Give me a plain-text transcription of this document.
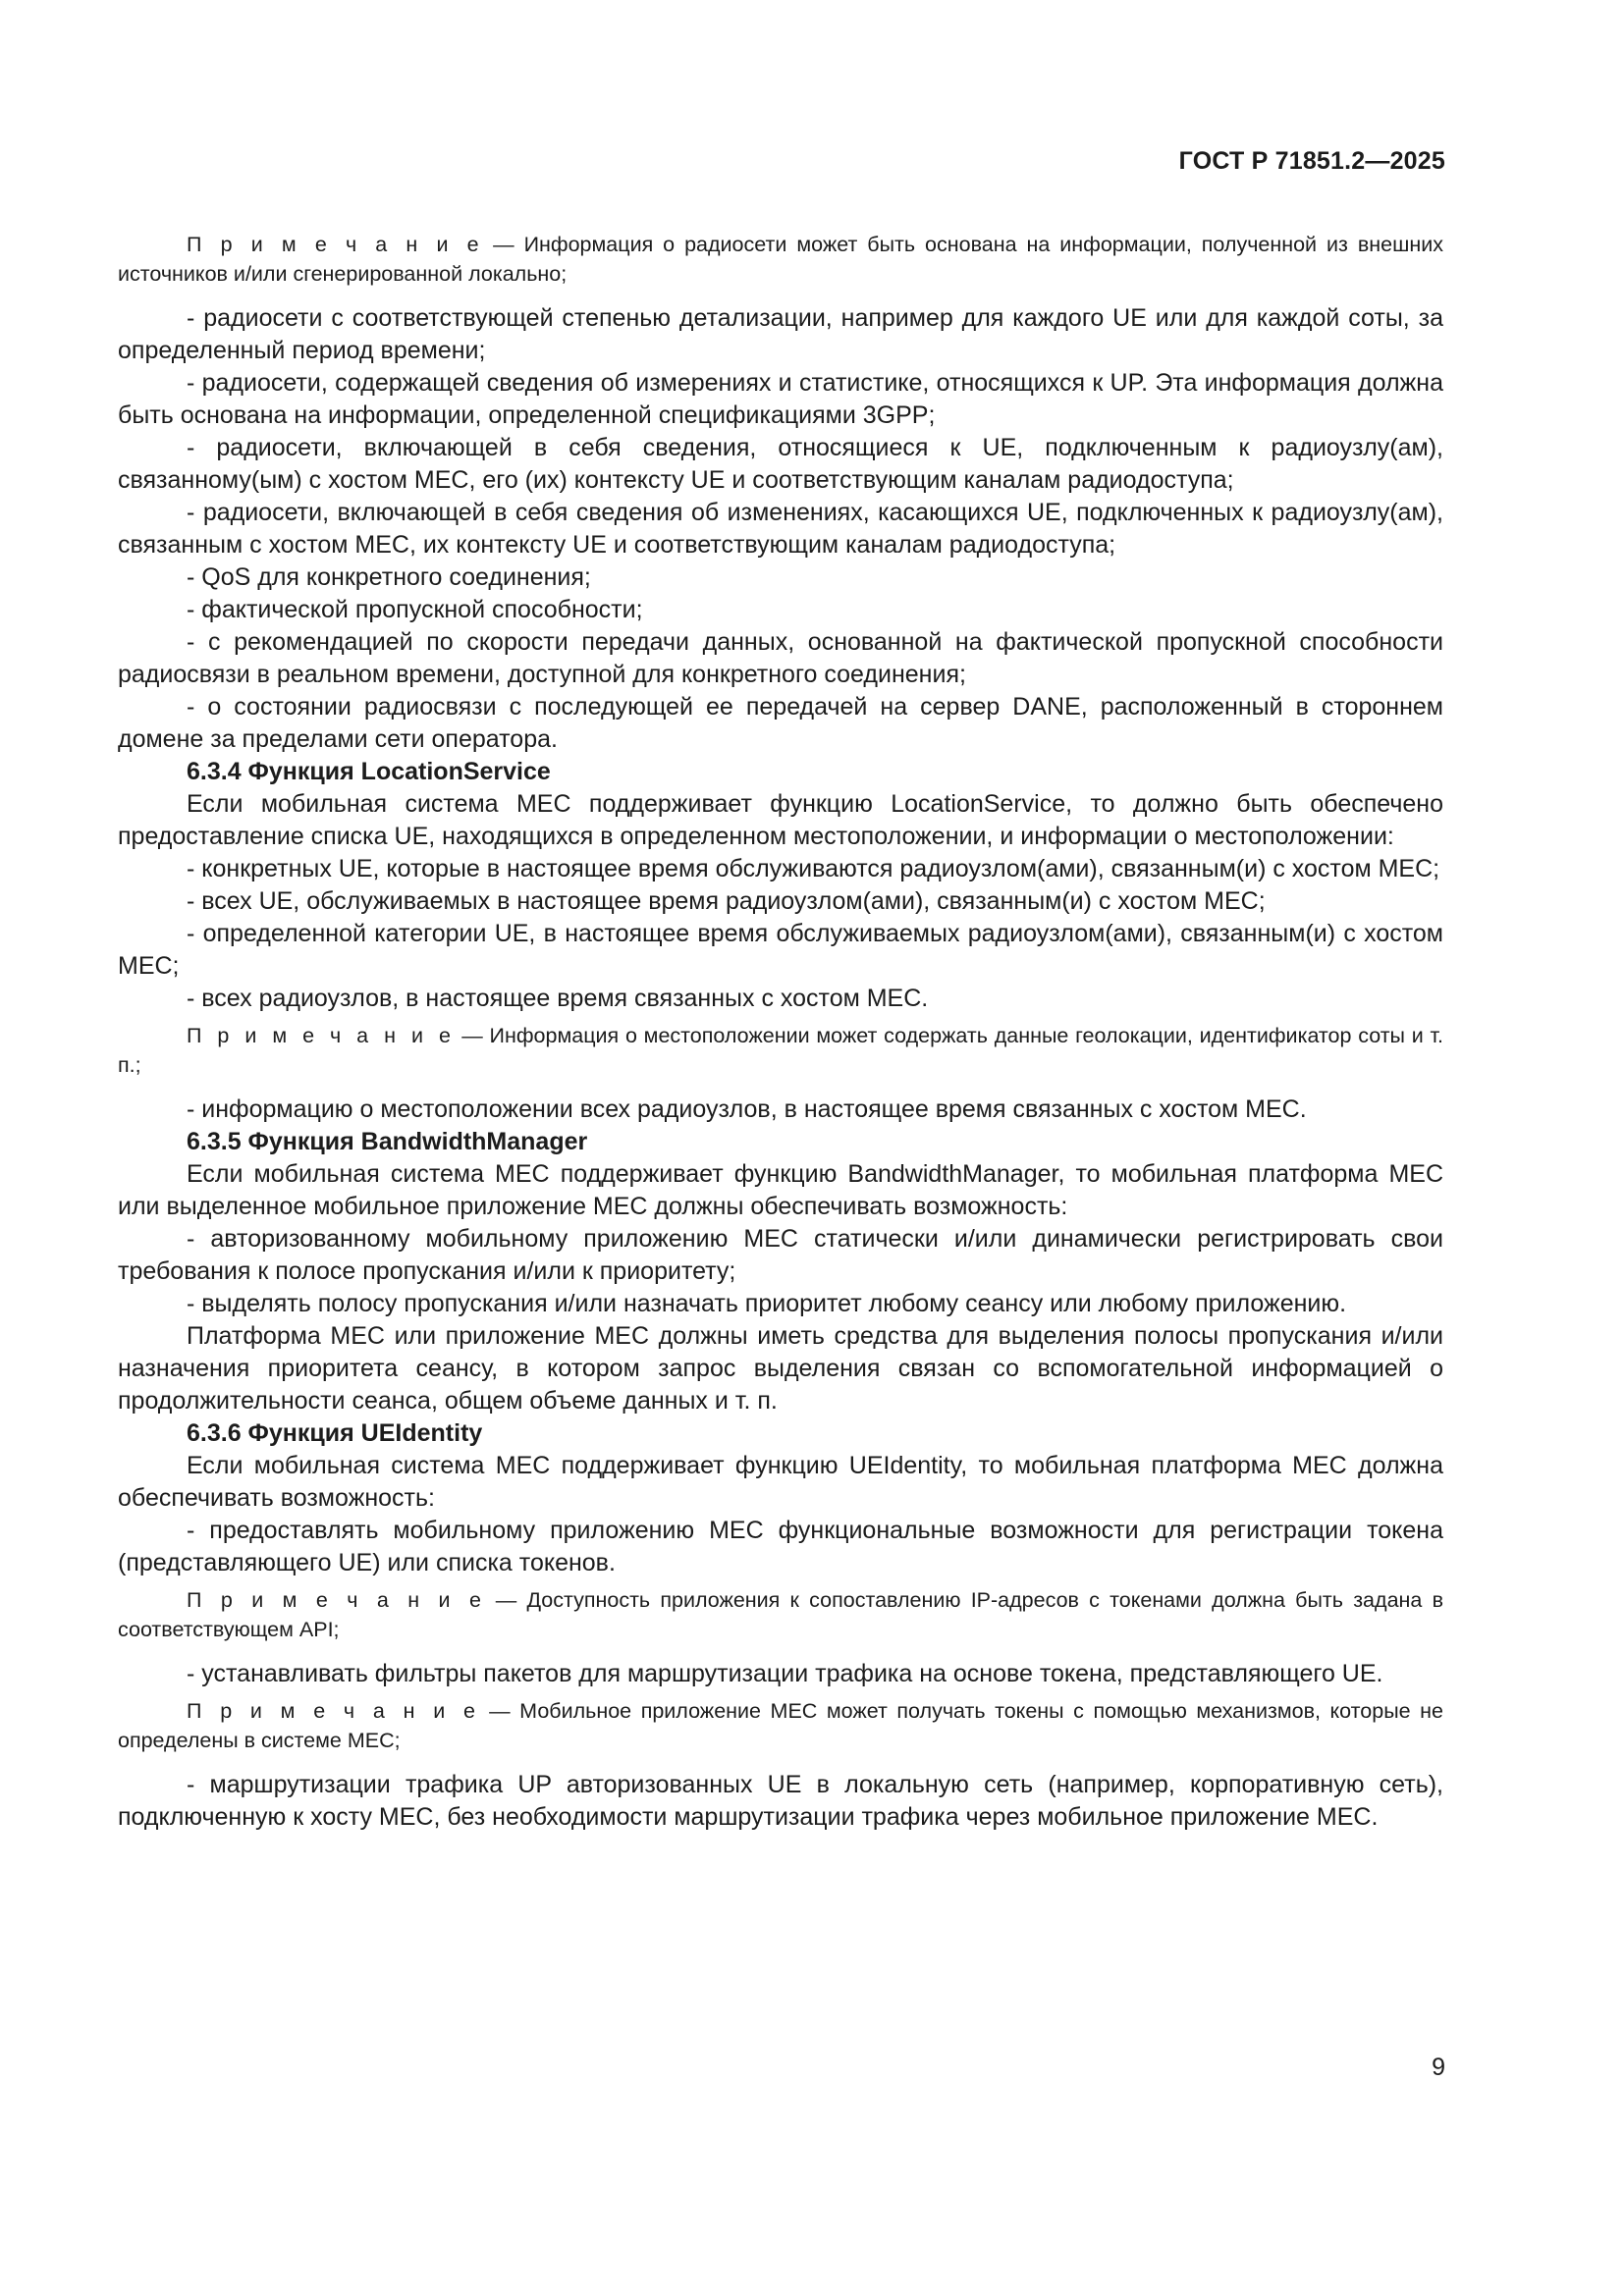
ГОСТ Р 71851.2—2025

П р и м е ч а н и е — Информация о радиосети может быть основана на информации, полученной из внешних источников и/или сгенерированной локально;

- радиосети с соответствующей степенью детализации, например для каждого UE или для каждой соты, за определенный период времени;

- радиосети, содержащей сведения об измерениях и статистике, относящихся к UP. Эта информация должна быть основана на информации, определенной спецификациями 3GPP;

- радиосети, включающей в себя сведения, относящиеся к UE, подключенным к радиоузлу(ам), связанному(ым) с хостом MEC, его (их) контексту UE и соответствующим каналам радиодоступа;

- радиосети, включающей в себя сведения об изменениях, касающихся UE, подключенных к радиоузлу(ам), связанным с хостом MEC, их контексту UE и соответствующим каналам радиодоступа;

- QoS для конкретного соединения;

- фактической пропускной способности;

- с рекомендацией по скорости передачи данных, основанной на фактической пропускной способности радиосвязи в реальном времени, доступной для конкретного соединения;

- о состоянии радиосвязи с последующей ее передачей на сервер DANE, расположенный в стороннем домене за пределами сети оператора.

6.3.4 Функция LocationService

Если мобильная система MEC поддерживает функцию LocationService, то должно быть обеспечено предоставление списка UE, находящихся в определенном местоположении, и информации о местоположении:

- конкретных UE, которые в настоящее время обслуживаются радиоузлом(ами), связанным(и) с хостом MEC;

- всех UE, обслуживаемых в настоящее время радиоузлом(ами), связанным(и) с хостом MEC;

- определенной категории UE, в настоящее время обслуживаемых радиоузлом(ами), связанным(и) с хостом MEC;

- всех радиоузлов, в настоящее время связанных с хостом MEC.

П р и м е ч а н и е — Информация о местоположении может содержать данные геолокации, идентификатор соты и т. п.;

- информацию о местоположении всех радиоузлов, в настоящее время связанных с хостом MEC.

6.3.5 Функция BandwidthManager

Если мобильная система MEC поддерживает функцию BandwidthManager, то мобильная платформа MEC или выделенное мобильное приложение MEC должны обеспечивать возможность:

- авторизованному мобильному приложению MEC статически и/или динамически регистрировать свои требования к полосе пропускания и/или к приоритету;

- выделять полосу пропускания и/или назначать приоритет любому сеансу или любому приложению.

Платформа MEC или приложение MEC должны иметь средства для выделения полосы пропускания и/или назначения приоритета сеансу, в котором запрос выделения связан со вспомогательной информацией о продолжительности сеанса, общем объеме данных и т. п.

6.3.6 Функция UEIdentity

Если мобильная система MEC поддерживает функцию UEIdentity, то мобильная платформа MEC должна обеспечивать возможность:

- предоставлять мобильному приложению MEC функциональные возможности для регистрации токена (представляющего UE) или списка токенов.

П р и м е ч а н и е — Доступность приложения к сопоставлению IP-адресов с токенами должна быть задана в соответствующем API;

- устанавливать фильтры пакетов для маршрутизации трафика на основе токена, представляющего UE.

П р и м е ч а н и е — Мобильное приложение MEC может получать токены с помощью механизмов, которые не определены в системе MEC;

- маршрутизации трафика UP авторизованных UE в локальную сеть (например, корпоративную сеть), подключенную к хосту MEC, без необходимости маршрутизации трафика через мобильное приложение MEC.

9
